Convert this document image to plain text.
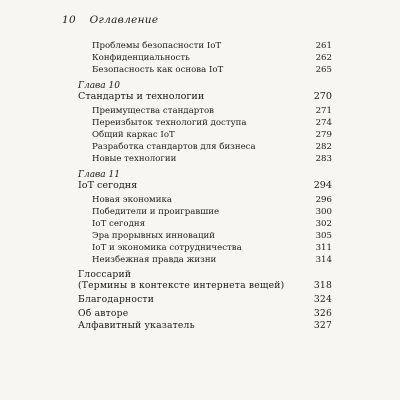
10 Оглавление
Проблемы безопасности IoT	261
Конфиденциальность	262
Безопасность как основа IoT	265
Глава 10
Стандарты и технологии	270
Преимущества стандартов	271
Переизбыток технологий доступа	274
Общий каркас IoT	279
Разработка стандартов для бизнеса	282
Новые технологии	283
Глава 11
IoT сегодня	294
Новая экономика	296
Победители и проигравшие	300
IoT сегодня	302
Эра прорывных инноваций	305
IoT и экономика сотрудничества	311
Неизбежная правда жизни	314
Глоссарий
(Термины в контексте интернета вещей)	318
Благодарности	324
Об авторе	326
Алфавитный указатель	327
